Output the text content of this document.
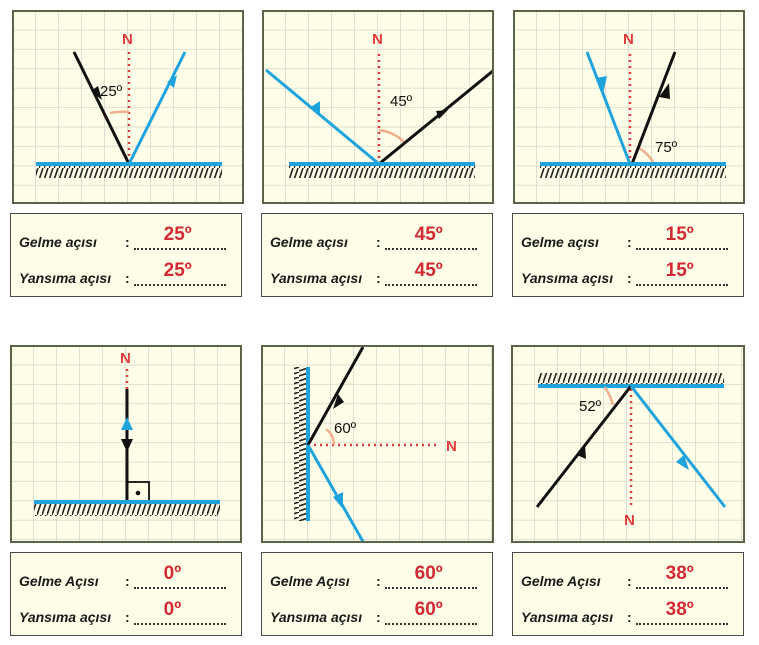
N
25º
Gelme açısı	: 25º
Yansıma açısı : 25º
N
45º
Gelme açısı	: 45º
Yansıma açısı : 45º
N
75º
Gelme açısı	: 15º
Yansıma açısı : 15º
N
Gelme Açısı	: 0º
Yansıma açısı : 0º
N
60º
Gelme Açısı	: 60º
Yansıma açısı : 60º
N
52º
Gelme Açısı	: 38º
Yansıma açısı : 38º
